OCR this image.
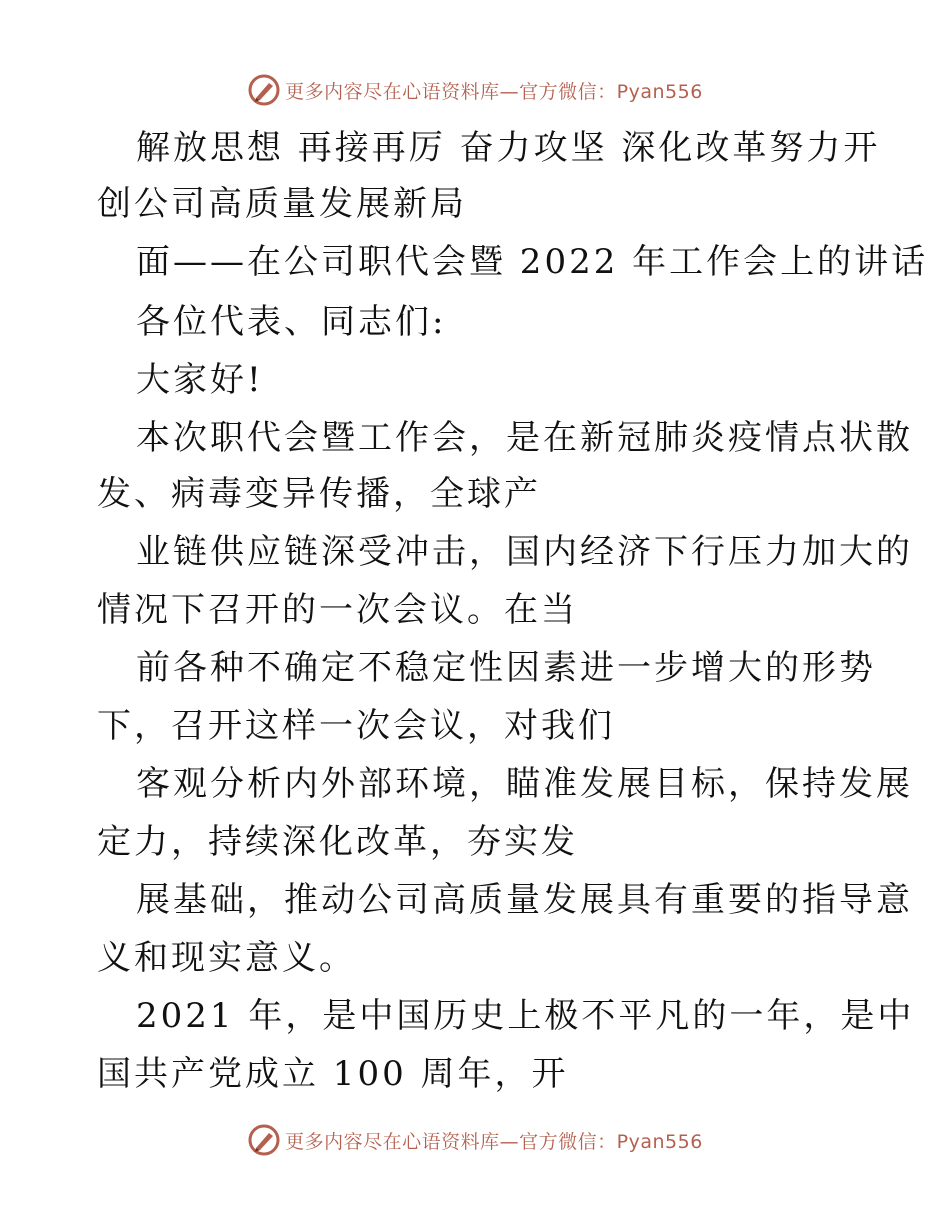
更多内容尽在心语资料库—官方微信：Pyan556
解放思想 再接再厉 奋力攻坚 深化改革努力开
创公司高质量发展新局
面——在公司职代会暨 2022 年工作会上的讲话
各位代表、同志们:
大家好!
本次职代会暨工作会，是在新冠肺炎疫情点状散
发、病毒变异传播，全球产
业链供应链深受冲击，国内经济下行压力加大的
情况下召开的一次会议。在当
前各种不确定不稳定性因素进一步增大的形势
下，召开这样一次会议，对我们
客观分析内外部环境，瞄准发展目标，保持发展
定力，持续深化改革，夯实发
展基础，推动公司高质量发展具有重要的指导意
义和现实意义。
2021 年，是中国历史上极不平凡的一年，是中
国共产党成立 100 周年，开
更多内容尽在心语资料库—官方微信：Pyan556
